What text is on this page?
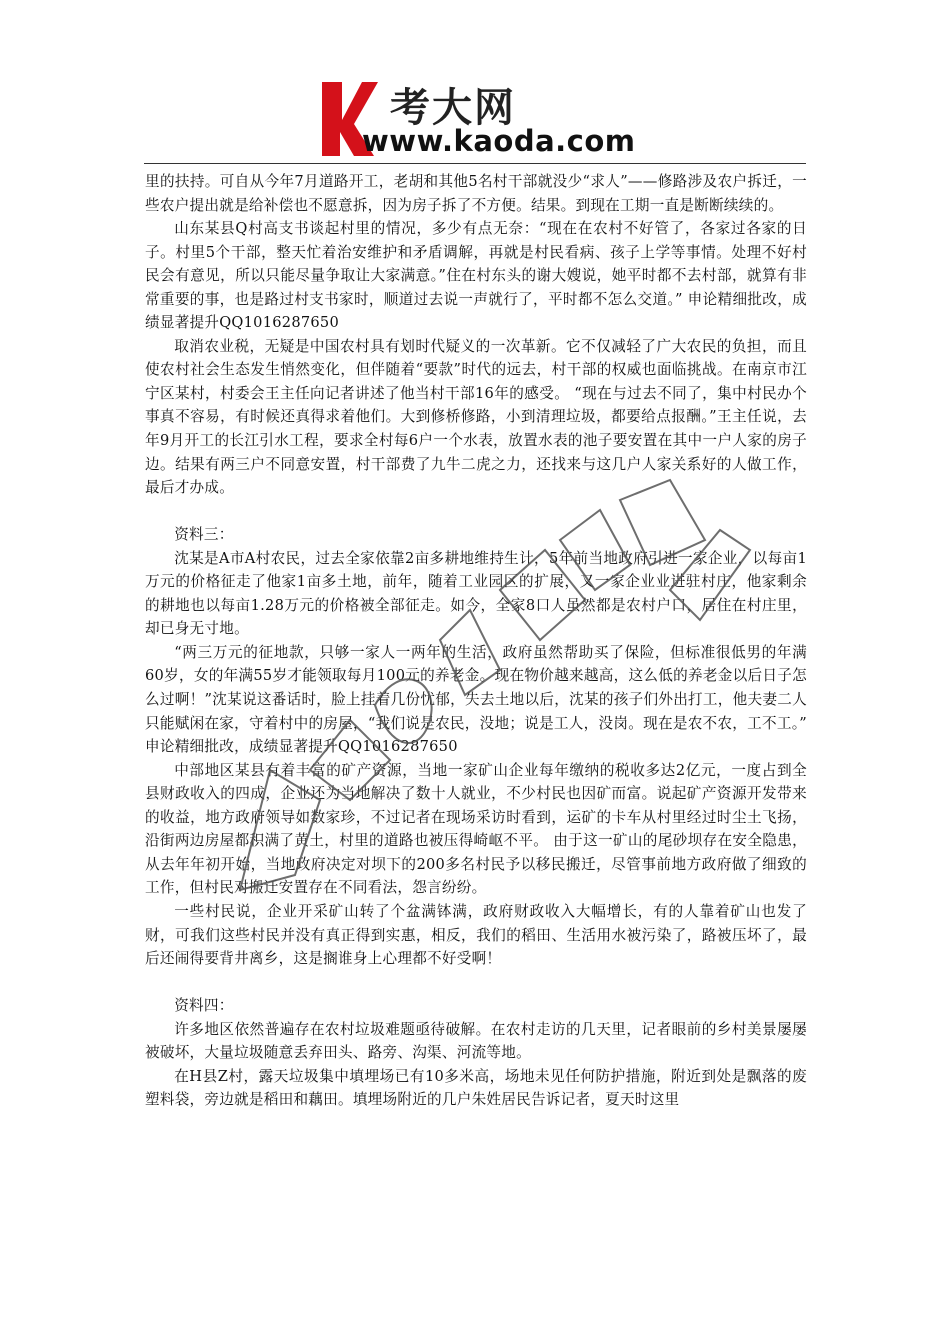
考大网
www.kaoda.com

里的扶持。可自从今年7月道路开工，老胡和其他5名村干部就没少“求人”——修路涉及农户拆迁，一些农户提出就是给补偿也不愿意拆，因为房子拆了不方便。结果。到现在工期一直是断断续续的。

山东某县Q村高支书谈起村里的情况，多少有点无奈：“现在在农村不好管了，各家过各家的日子。村里5个干部，整天忙着治安维护和矛盾调解，再就是村民看病、孩子上学等事情。处理不好村民会有意见，所以只能尽量争取让大家满意。”住在村东头的谢大嫂说，她平时都不去村部，就算有非常重要的事，也是路过村支书家时，顺道过去说一声就行了，平时都不怎么交道。” 申论精细批改，成绩显著提升QQ1016287650

取消农业税，无疑是中国农村具有划时代疑义的一次革新。它不仅减轻了广大农民的负担，而且使农村社会生态发生悄然变化，但伴随着“要款”时代的远去，村干部的权威也面临挑战。在南京市江宁区某村，村委会王主任向记者讲述了他当村干部16年的感受。 “现在与过去不同了，集中村民办个事真不容易，有时候还真得求着他们。大到修桥修路，小到清理垃圾，都要给点报酬。”王主任说，去年9月开工的长江引水工程，要求全村每6户一个水表，放置水表的池子要安置在其中一户人家的房子边。结果有两三户不同意安置，村干部费了九牛二虎之力，还找来与这几户人家关系好的人做工作，最后才办成。

资料三：

沈某是A市A村农民，过去全家依靠2亩多耕地维持生计，5年前当地政府引进一家企业，以每亩1万元的价格征走了他家1亩多土地，前年，随着工业园区的扩展，又一家企业业进驻村庄，他家剩余的耕地也以每亩1.28万元的价格被全部征走。如今，全家8口人虽然都是农村户口，居住在村庄里，却已身无寸地。

“两三万元的征地款，只够一家人一两年的生活，政府虽然帮助买了保险，但标准很低男的年满60岁，女的年满55岁才能领取每月100元的养老金。现在物价越来越高，这么低的养老金以后日子怎么过啊！”沈某说这番话时，脸上挂着几份忧郁，失去土地以后，沈某的孩子们外出打工，他夫妻二人只能赋闲在家，守着村中的房屋，“我们说是农民，没地；说是工人，没岗。现在是农不农，工不工。” 申论精细批改，成绩显著提升QQ1016287650

中部地区某县有着丰富的矿产资源，当地一家矿山企业每年缴纳的税收多达2亿元，一度占到全县财政收入的四成，企业还为当地解决了数十人就业，不少村民也因矿而富。说起矿产资源开发带来的收益，地方政府领导如数家珍，不过记者在现场采访时看到，运矿的卡车从村里经过时尘土飞扬，沿街两边房屋都积满了黄土，村里的道路也被压得崎岖不平。 由于这一矿山的尾砂坝存在安全隐患，从去年年初开始，当地政府决定对坝下的200多名村民予以移民搬迁，尽管事前地方政府做了细致的工作，但村民对搬迁安置存在不同看法，怨言纷纷。

一些村民说，企业开采矿山转了个盆满钵满，政府财政收入大幅增长，有的人靠着矿山也发了财，可我们这些村民并没有真正得到实惠，相反，我们的稻田、生活用水被污染了，路被压坏了，最后还闹得要背井离乡，这是搁谁身上心理都不好受啊！

资料四：

许多地区依然普遍存在农村垃圾难题亟待破解。在农村走访的几天里，记者眼前的乡村美景屡屡被破坏，大量垃圾随意丢弃田头、路旁、沟渠、河流等地。

在H县Z村，露天垃圾集中填埋场已有10多米高，场地未见任何防护措施，附近到处是飘落的废塑料袋，旁边就是稻田和藕田。填埋场附近的几户朱姓居民告诉记者，夏天时这里
